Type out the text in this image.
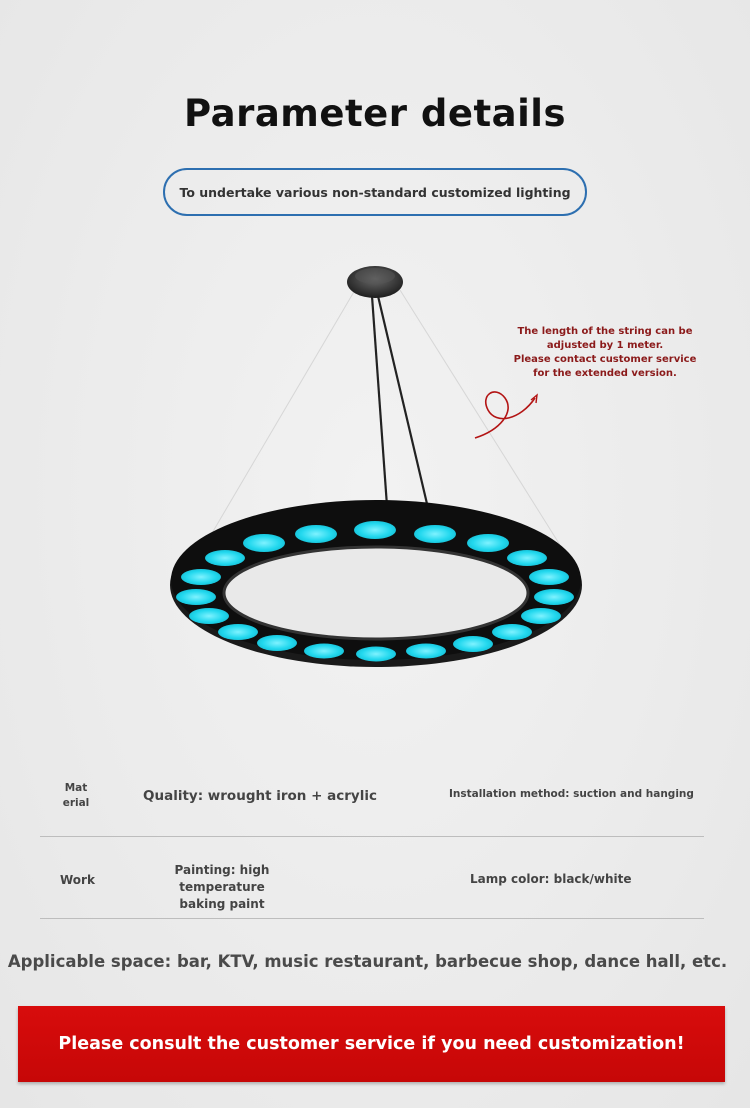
Parameter details
To undertake various non-standard customized lighting
The length of the string can be
adjusted by 1 meter.
Please contact customer service
for the extended version.
Mat
erial	Quality: wrought iron + acrylic	Installation method: suction and hanging
Work
Painting: high temperature
baking paint
Lamp color: black/white
Applicable space: bar, KTV, music restaurant, barbecue shop, dance hall, etc.
Please consult the customer service if you need customization!
